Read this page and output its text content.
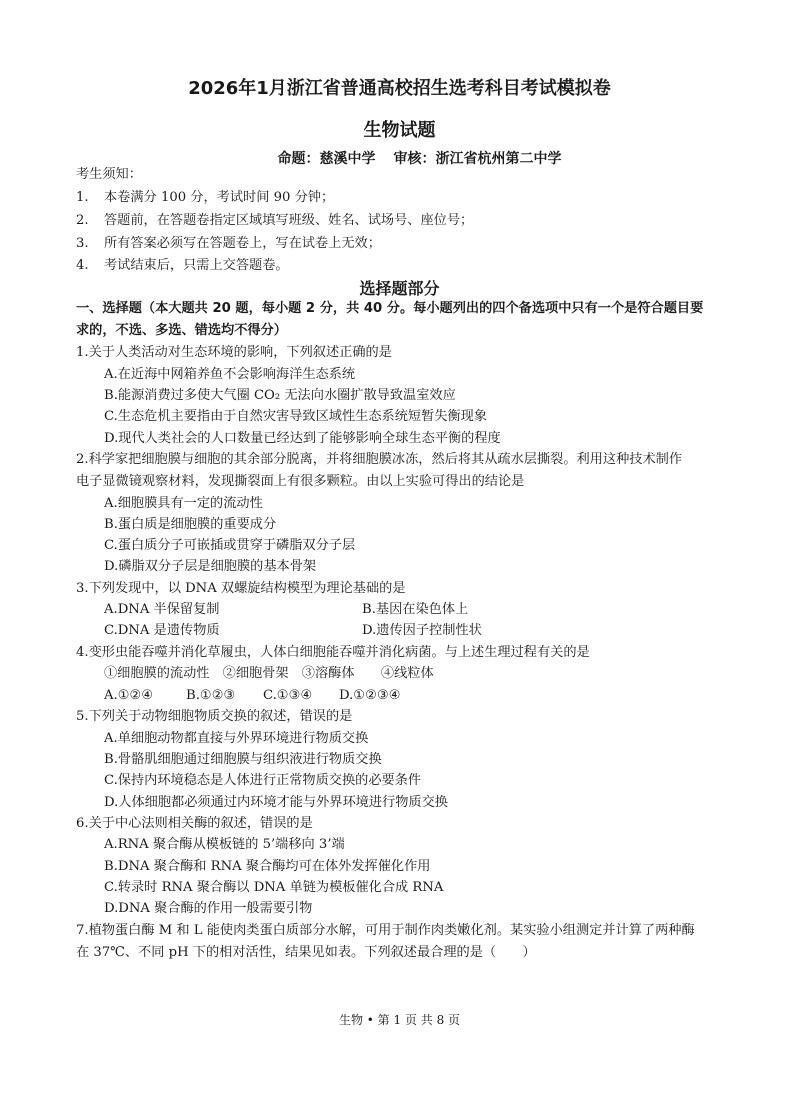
2026年1月浙江省普通高校招生选考科目考试模拟卷
生物试题
命题：慈溪中学 审核：浙江省杭州第二中学
考生须知：
1. 本卷满分 100 分，考试时间 90 分钟；
2. 答题前，在答题卷指定区域填写班级、姓名、试场号、座位号；
3. 所有答案必须写在答题卷上，写在试卷上无效；
4. 考试结束后，只需上交答题卷。
选择题部分
一、选择题（本大题共 20 题，每小题 2 分，共 40 分。每小题列出的四个备选项中只有一个是符合题目要
求的，不选、多选、错选均不得分）
1.关于人类活动对生态环境的影响，下列叙述正确的是
A.在近海中网箱养鱼不会影响海洋生态系统
B.能源消费过多使大气圈 CO₂ 无法向水圈扩散导致温室效应
C.生态危机主要指由于自然灾害导致区域性生态系统短暂失衡现象
D.现代人类社会的人口数量已经达到了能够影响全球生态平衡的程度
2.科学家把细胞膜与细胞的其余部分脱离，并将细胞膜冰冻，然后将其从疏水层撕裂。利用这种技术制作
电子显微镜观察材料，发现撕裂面上有很多颗粒。由以上实验可得出的结论是
A.细胞膜具有一定的流动性
B.蛋白质是细胞膜的重要成分
C.蛋白质分子可嵌插或贯穿于磷脂双分子层
D.磷脂双分子层是细胞膜的基本骨架
3.下列发现中，以 DNA 双螺旋结构模型为理论基础的是
A.DNA 半保留复制	B.基因在染色体上
C.DNA 是遗传物质	D.遗传因子控制性状
4.变形虫能吞噬并消化草履虫，人体白细胞能吞噬并消化病菌。与上述生理过程有关的是
①细胞膜的流动性　②细胞骨架　③溶酶体　　④线粒体
A.①②④ B.①②③ C.①③④ D.①②③④
5.下列关于动物细胞物质交换的叙述，错误的是
A.单细胞动物都直接与外界环境进行物质交换
B.骨骼肌细胞通过细胞膜与组织液进行物质交换
C.保持内环境稳态是人体进行正常物质交换的必要条件
D.人体细胞都必须通过内环境才能与外界环境进行物质交换
6.关于中心法则相关酶的叙述，错误的是
A.RNA 聚合酶从模板链的 5’端移向 3’端
B.DNA 聚合酶和 RNA 聚合酶均可在体外发挥催化作用
C.转录时 RNA 聚合酶以 DNA 单链为模板催化合成 RNA
D.DNA 聚合酶的作用一般需要引物
7.植物蛋白酶 M 和 L 能使肉类蛋白质部分水解，可用于制作肉类嫩化剂。某实验小组测定并计算了两种酶
在 37℃、不同 pH 下的相对活性，结果见如表。下列叙述最合理的是（　　）
生物 • 第 1 页 共 8 页
